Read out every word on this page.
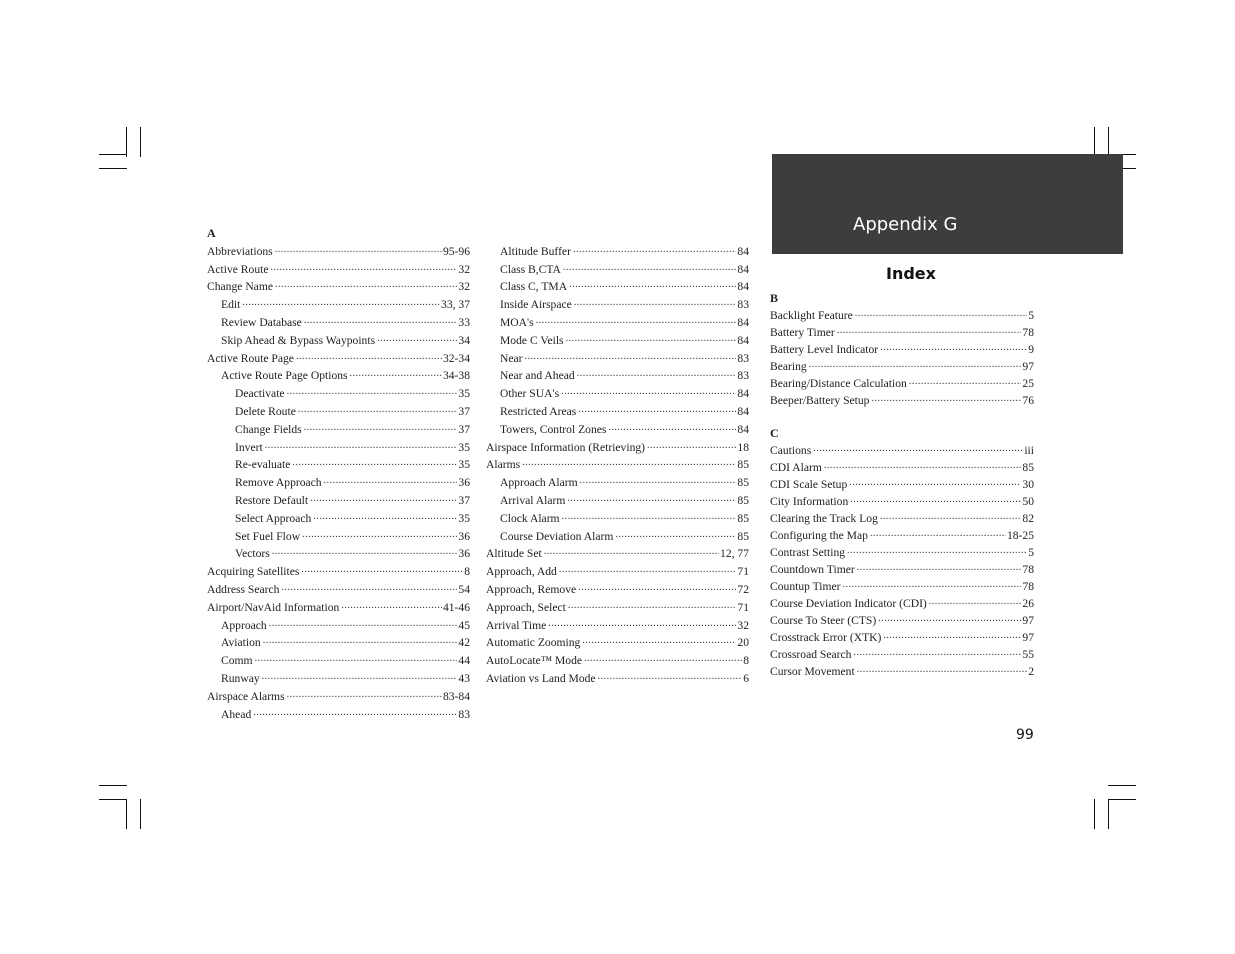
Appendix G
Index
A
Abbreviations .....	95-96
Active Route .....	32
Change Name .....	32
Edit .....	33, 37
Review Database .....	33
Skip Ahead & Bypass Waypoints .....	34
Active Route Page .....	32-34
Active Route Page Options .....	34-38
Deactivate .....	35
Delete Route .....	37
Change Fields .....	37
Invert .....	35
Re-evaluate .....	35
Remove Approach .....	36
Restore Default .....	37
Select Approach .....	35
Set Fuel Flow .....	36
Vectors .....	36
Acquiring Satellites .....	8
Address Search .....	54
Airport/NavAid Information .....	41-46
Approach .....	45
Aviation .....	42
Comm .....	44
Runway .....	43
Airspace Alarms .....	83-84
Ahead .....	83
Altitude Buffer .....	84
Class B,CTA .....	84
Class C, TMA .....	84
Inside Airspace .....	83
MOA's .....	84
Mode C Veils .....	84
Near .....	83
Near and Ahead .....	83
Other SUA's .....	84
Restricted Areas .....	84
Towers, Control Zones .....	84
Airspace Information (Retrieving) .....	18
Alarms .....	85
Approach Alarm .....	85
Arrival Alarm .....	85
Clock Alarm .....	85
Course Deviation Alarm .....	85
Altitude Set .....	12, 77
Approach, Add .....	71
Approach, Remove .....	72
Approach, Select .....	71
Arrival Time .....	32
Automatic Zooming .....	20
AutoLocate™ Mode .....	8
Aviation vs Land Mode .....	6
B
Backlight Feature .....	5
Battery Timer .....	78
Battery Level Indicator .....	9
Bearing .....	97
Bearing/Distance Calculation .....	25
Beeper/Battery Setup .....	76
C
Cautions .....	iii
CDI Alarm .....	85
CDI Scale Setup .....	30
City Information .....	50
Clearing the Track Log .....	82
Configuring the Map .....	18-25
Contrast Setting .....	5
Countdown Timer .....	78
Countup Timer .....	78
Course Deviation Indicator (CDI) .....	26
Course To Steer (CTS) .....	97
Crosstrack Error (XTK) .....	97
Crossroad Search .....	55
Cursor Movement .....	2
99
